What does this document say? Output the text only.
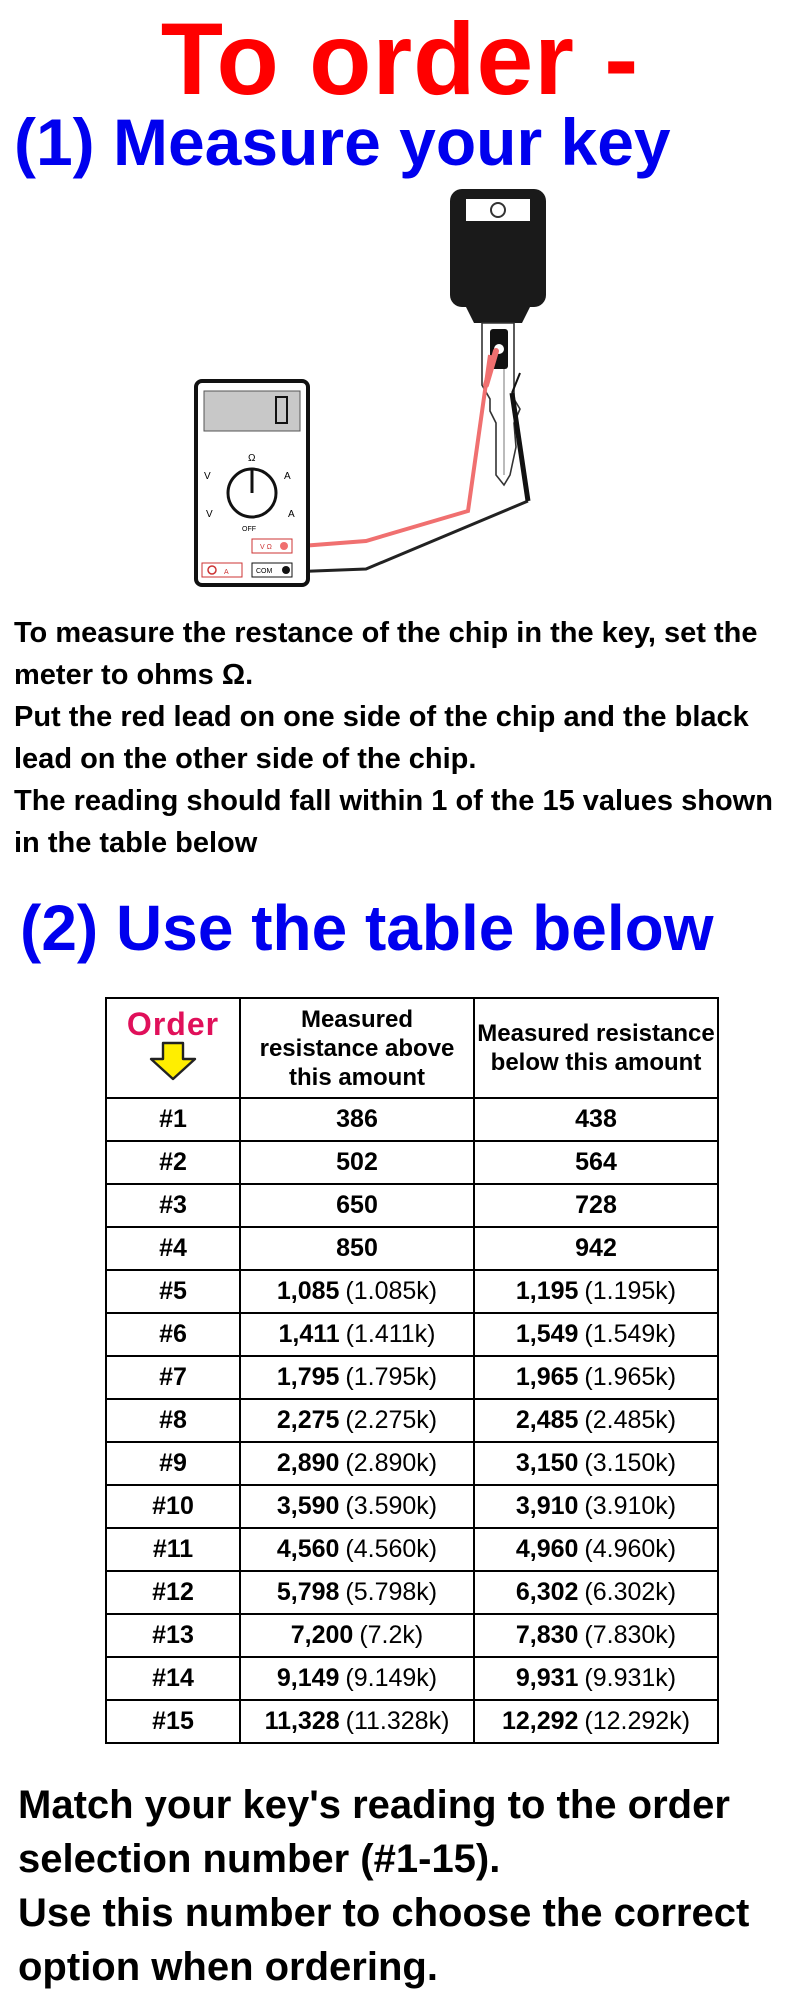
To order -
(1) Measure your key
Ω
V	A
V	A
OFF
V Ω
A	COM

To measure the restance of the chip in the key, set the meter to ohms Ω.

Put the red lead on one side of the chip and the black lead on the other side of the chip.

The reading should fall within 1 of the 15 values shown in the table below

(2) Use the table below
Order	Measured resistance above this amount	Measured resistance below this amount
#1	386	438
#2	502	564
#3	650	728
#4	850	942
#5	1,085 (1.085k)	1,195 (1.195k)
#6	1,411 (1.411k)	1,549 (1.549k)
#7	1,795 (1.795k)	1,965 (1.965k)
#8	2,275 (2.275k)	2,485 (2.485k)
#9	2,890 (2.890k)	3,150 (3.150k)
#10	3,590 (3.590k)	3,910 (3.910k)
#11	4,560 (4.560k)	4,960 (4.960k)
#12	5,798 (5.798k)	6,302 (6.302k)
#13	7,200 (7.2k)	7,830 (7.830k)
#14	9,149 (9.149k)	9,931 (9.931k)
#15	11,328 (11.328k)	12,292 (12.292k)

Match your key's reading to the order selection number (#1-15).

Use this number to choose the correct option when ordering.
